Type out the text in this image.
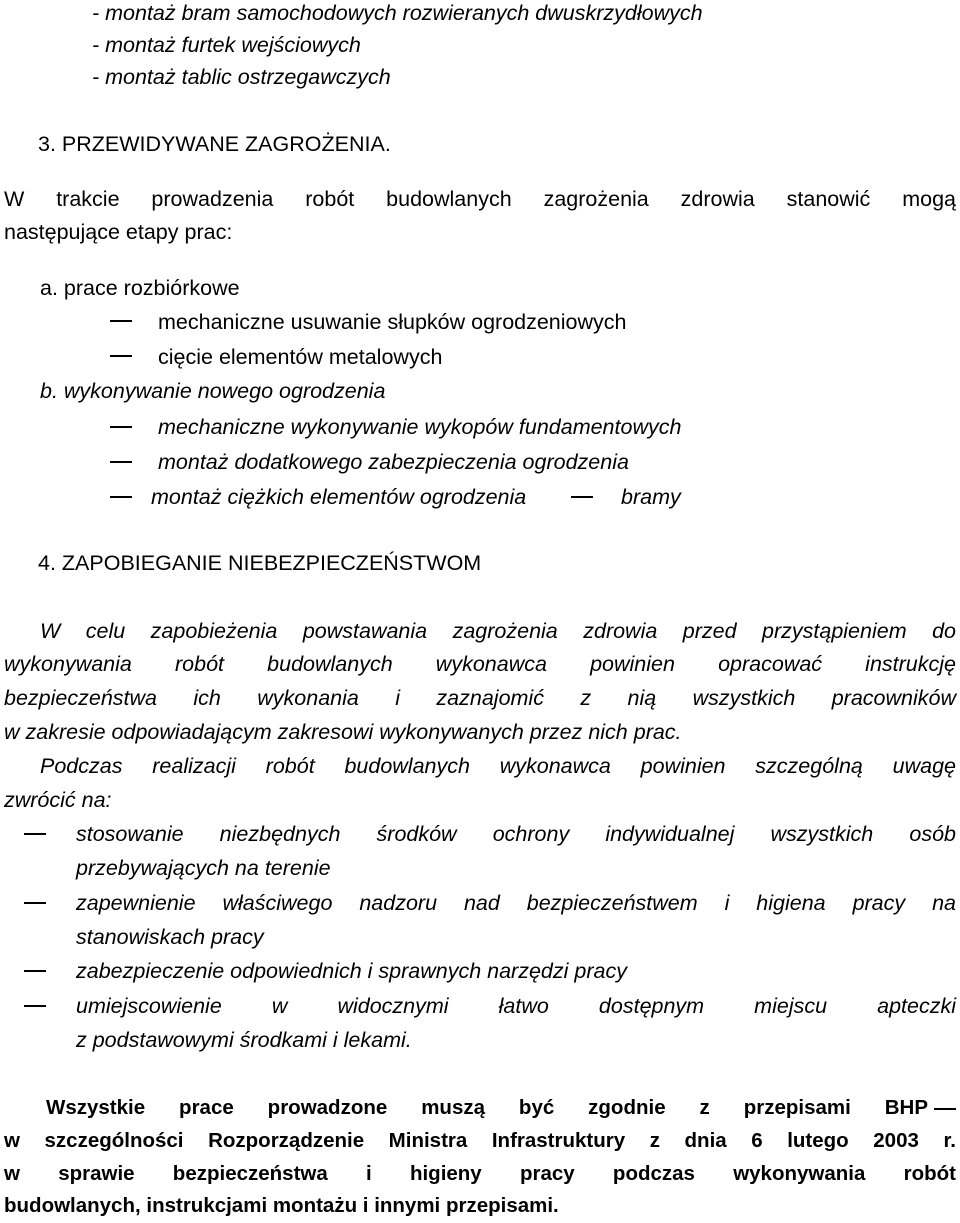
- montaż bram samochodowych rozwieranych dwuskrzydłowych
- montaż furtek wejściowych
- montaż tablic ostrzegawczych
3. PRZEWIDYWANE ZAGROŻENIA.
W trakcie prowadzenia robót budowlanych zagrożenia zdrowia stanowić mogą
następujące etapy prac:
a. prace rozbiórkowe
mechaniczne usuwanie słupków ogrodzeniowych
cięcie elementów metalowych
b. wykonywanie nowego ogrodzenia
mechaniczne wykonywanie wykopów fundamentowych
montaż dodatkowego zabezpieczenia ogrodzenia
montaż ciężkich elementów ogrodzenia	bramy
4. ZAPOBIEGANIE NIEBEZPIECZEŃSTWOM
W celu zapobieżenia powstawania zagrożenia zdrowia przed przystąpieniem do
wykonywania robót budowlanych wykonawca powinien opracować instrukcję
bezpieczeństwa ich wykonania i zaznajomić z nią wszystkich pracowników
w zakresie odpowiadającym zakresowi wykonywanych przez nich prac.
Podczas realizacji robót budowlanych wykonawca powinien szczególną uwagę
zwrócić na:
stosowanie niezbędnych środków ochrony indywidualnej wszystkich osób
przebywających na terenie
zapewnienie właściwego nadzoru nad bezpieczeństwem i higiena pracy na
stanowiskach pracy
zabezpieczenie odpowiednich i sprawnych narzędzi pracy
umiejscowienie w widocznymi łatwo dostępnym miejscu apteczki
z podstawowymi środkami i lekami.
Wszystkie prace prowadzone muszą być zgodnie z przepisami BHP
w szczególności Rozporządzenie Ministra Infrastruktury z dnia 6 lutego 2003 r.
w sprawie bezpieczeństwa i higieny pracy podczas wykonywania robót
budowlanych, instrukcjami montażu i innymi przepisami.
